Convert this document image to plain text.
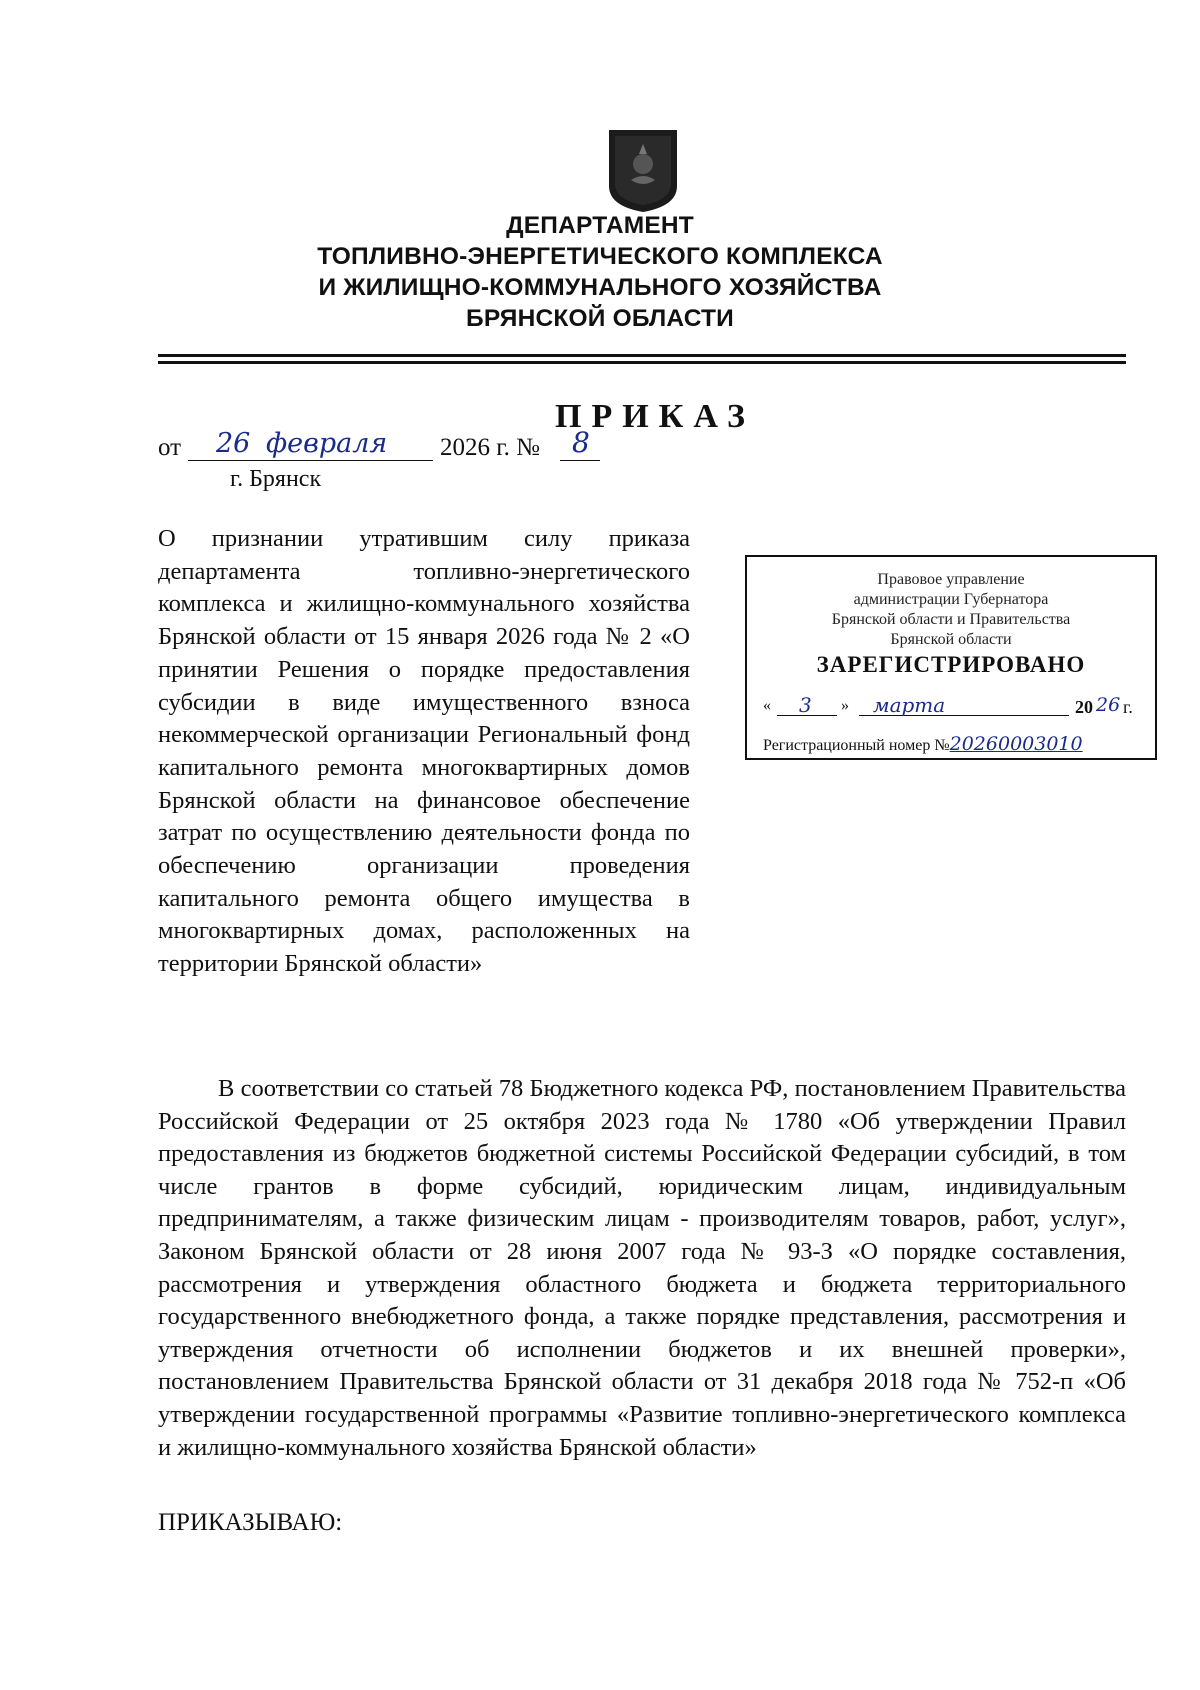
ДЕПАРТАМЕНТ
ТОПЛИВНО-ЭНЕРГЕТИЧЕСКОГО КОМПЛЕКСА
И ЖИЛИЩНО-КОММУНАЛЬНОГО ХОЗЯЙСТВА
БРЯНСКОЙ ОБЛАСТИ
ПРИКАЗ
от 26 февраля 2026 г. № 8
г. Брянск
О признании утратившим силу приказа департамента топливно-энергетического комплекса и жилищно-коммунального хозяйства Брянской области от 15 января 2026 года № 2 «О принятии Решения о порядке предоставления субсидии в виде имущественного взноса некоммерческой организации Региональный фонд капитального ремонта многоквартирных домов Брянской области на финансовое обеспечение затрат по осуществлению деятельности фонда по обеспечению организации проведения капитального ремонта общего имущества в многоквартирных домах, расположенных на территории Брянской области»
Правовое управление
администрации Губернатора
Брянской области и Правительства
Брянской области
ЗАРЕГИСТРИРОВАНО
« 3 » марта	20 26 г.
Регистрационный номер №20260003010
В соответствии со статьей 78 Бюджетного кодекса РФ, постановлением Правительства Российской Федерации от 25 октября 2023 года № 1780 «Об утверждении Правил предоставления из бюджетов бюджетной системы Российской Федерации субсидий, в том числе грантов в форме субсидий, юридическим лицам, индивидуальным предпринимателям, а также физическим лицам - производителям товаров, работ, услуг», Законом Брянской области от 28 июня 2007 года № 93-З «О порядке составления, рассмотрения и утверждения областного бюджета и бюджета территориального государственного внебюджетного фонда, а также порядке представления, рассмотрения и утверждения отчетности об исполнении бюджетов и их внешней проверки», постановлением Правительства Брянской области от 31 декабря 2018 года № 752-п «Об утверждении государственной программы «Развитие топливно-энергетического комплекса и жилищно-коммунального хозяйства Брянской области»
ПРИКАЗЫВАЮ:
